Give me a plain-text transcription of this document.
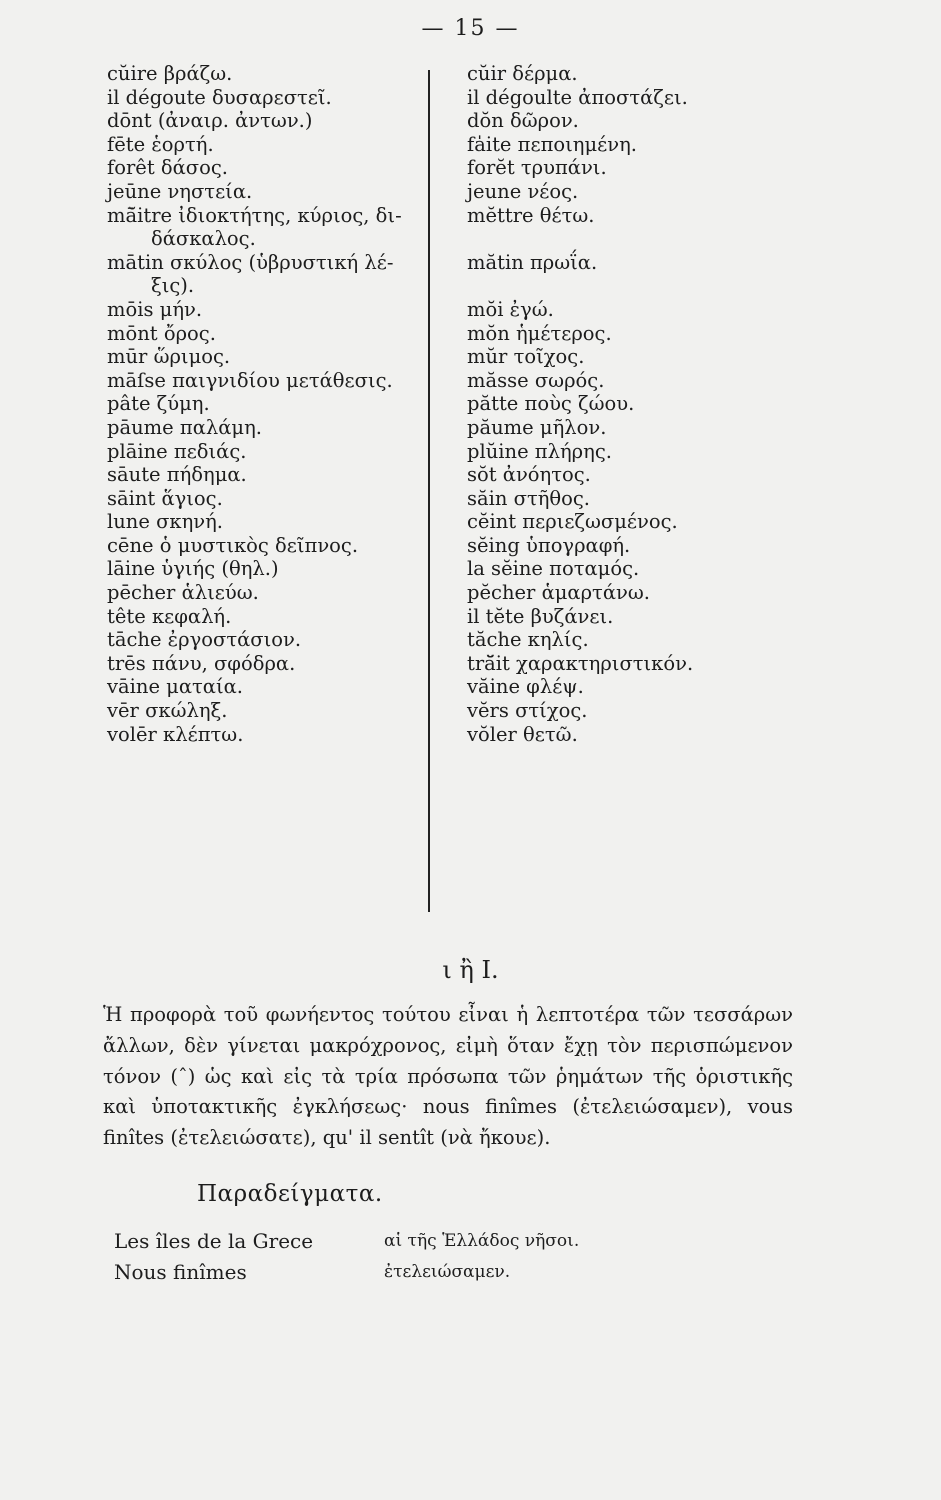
— 15 —
cŭire βράζω.
il dégoute δυσαρεστεῖ.
dōnt (ἀναιρ. ἀντων.)
fēte ἑορτή.
forêt δάσος.
jeūne νηστεία.
mā̆itre ἰδιοκτήτης, κύριος, δι-
δάσκαλος.
mātin σκύλος (ὑβρυστική λέ-
ξις).
mōis μήν.
mōnt ὄρος.
mūr ὥριμος.
māſse παιγνιδίου μετάθεσις.
pâte ζύμη.
pāume παλάμη.
plāine πεδιάς.
sāute πήδημα.
sāint ἅγιος.
lune σκηνή.
cēne ὁ μυστικὸς δεῖπνος.
lāine ὑγιής (θηλ.)
pēcher ἁλιεύω.
tête κεφαλή.
tāche ἐργοστάσιον.
trēs πάνυ, σφόδρα.
vāine ματαία.
vēr σκώληξ.
volēr κλέπτω.
cŭir δέρμα.
il dégoulte ἀποστάζει.
dŏn δῶρον.
fa̍ite πεποιημένη.
forĕt τρυπάνι.
jeune νέος.
mĕttre θέτω.

mătin πρωΐα.

mŏi ἐγώ.
mŏn ἡμέτερος.
mŭr τοῖχος.
măsse σωρός.
pătte ποὺς ζώου.
păume μῆλον.
plŭine πλήρης.
sŏt ἀνόητος.
săin στῆθος.
cĕint περιεζωσμένος.
sĕing ὑπογραφή.
la sĕine ποταμός.
pĕcher ἁμαρτάνω.
il tĕte βυζάνει.
tăche κηλίς.
tră̆it χαρακτηριστικόν.
văine φλέψ.
vĕrs στίχος.
vŏler θετῶ.
ι ἢ I.

Ἡ προφορὰ τοῦ φωνήεντος τούτου εἶναι ἡ λεπτοτέρα τῶν τεσσάρων ἄλλων, δὲν γίνεται μακρόχρονος, εἰμὴ ὅταν ἔχῃ τὸν περισπώμενον τόνον (ˆ) ὡς καὶ εἰς τὰ τρία πρόσωπα τῶν ῥημάτων τῆς ὁριστικῆς καὶ ὑποτακτικῆς ἐγκλήσεως· nous finîmes (ἐτελειώσαμεν), vous finîtes (ἐτελειώσατε), qu' il sentît (νὰ ἤκουε).

Παραδείγματα.
Les îles de la Grece	αἱ τῆς Ἑλλάδος νῆσοι.
Nous finîmes	ἐτελειώσαμεν.
